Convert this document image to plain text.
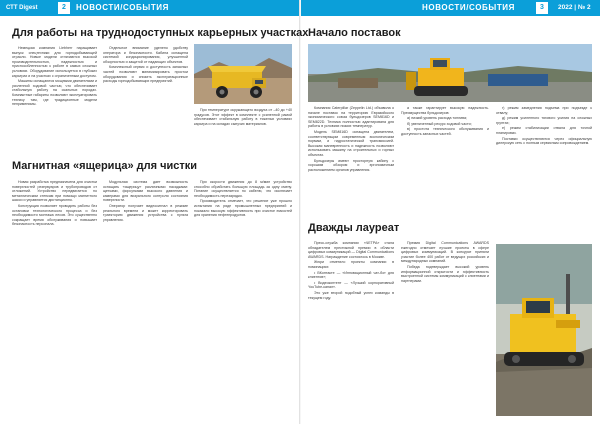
СТТ Digest	2	НОВОСТИ/СОБЫТИЯ	НОВОСТИ/СОБЫТИЯ	3	2022 | № 2
Для работы на труднодоступных карьерных участках

Немецкая компания Liebherr наращивает выпуск спецтехники для горнодобывающей отрасли. Новые модели отличаются высокой производительностью, надежностью и приспособленностью к работе в самых сложных условиях. Оборудование используется в глубоких карьерах и на участках с ограниченным доступом.

Машины оснащаются мощными двигателями и усиленной ходовой частью, что обеспечивает стабильную работу на скальных породах. Компактные габариты позволяют эксплуатировать технику там, где традиционные модели неприменимы.

Отдельное внимание уделено удобству оператора и безопасности. Кабина оснащена системой кондиционирования, улучшенной обзорностью и защитой от падающих объектов.

Комплексный сервис и доступность запасных частей позволяют минимизировать простои оборудования и снизить эксплуатационные расходы горнодобывающих предприятий.

При температуре окружающего воздуха от –40 до +40 градусов. Этот эффект в комплекте с усиленной рамой обеспечивает стабильную работу в тяжелых условиях карьера и на складах сыпучих материалов.

Магнитная «ящерица» для чистки

Новая разработка предназначена для очистки поверхностей резервуаров и трубопроводов от отложений. Устройство передвигается по металлическим стенкам при помощи магнитного шасси и управляется дистанционно.

Конструкция позволяет проводить работы без остановки технологического процесса и без необходимости монтажа лесов. Это существенно сокращает время обслуживания и повышает безопасность персонала.

Модульная система дает возможность оснащать «ящерицу» различными насадками: щетками, форсунками высокого давления и камерами для визуального контроля состояния поверхности.

Оператор получает видеосигнал в режиме реального времени и может корректировать траекторию движения устройства с пульта управления.

При скорости движения до 8 м/мин устройство способно обработать большую площадь за одну смену. Питание осуществляется по кабелю, что исключает необходимость перезарядки.

Производитель отмечает, что решение уже прошло испытания на ряде промышленных предприятий и показало высокую эффективность при очистке емкостей для хранения нефтепродуктов.

Начало поставок

Компания Caterpillar (Zeppelin Ltd.) объявила о начале поставок на территорию Евразийского экономического союза бульдозеров SEM816D и SEM822D. Техника полностью адаптирована для работы в условиях низких температур.

Модель SEM816D оснащена двигателем, соответствующим современным экологическим нормам, и гидростатической трансмиссией. Высокая маневренность и надежность позволяют использовать машину на строительных и горных объектах.

Бульдозеры имеют просторную кабину с хорошим обзором и эргономичным расположением органов управления.

а также гарантирует высокую надежность. Преимущества бульдозеров:

а) низкий уровень расхода топлива;

б) увеличенный ресурс ходовой части;

в) простота технического обслуживания и доступность запасных частей.

г) режим замедления подъема при подъезде к отвалу;

д) режим усиленного тягового усилия на сложных грунтах;

е) режим стабилизации отвала для точной планировки.

Поставки осуществляются через официальную дилерскую сеть с полным сервисным сопровождением.

Дважды лауреат

Пресс-служба компании «ЧЕТРА» стала обладателем престижной премии в области цифровых коммуникаций — Digital Communications AWARDS. Награждение состоялось в Москве.

Жюри отметило проекты компании в номинациях:

• ВКонтакте — «Инновационный чат-бот для клиентов»;

• Видеоконтент — «Лучший корпоративный YouTube-канал».

Это уже второй подобный успех команды в текущем году.

Премия Digital Communications AWARDS ежегодно отмечает лучшие проекты в сфере цифровых коммуникаций. В конкурсе приняли участие более 400 работ от ведущих российских и международных компаний.

Победа подтверждает высокий уровень информационной открытости и эффективность выстроенной системы коммуникаций с клиентами и партнерами.
